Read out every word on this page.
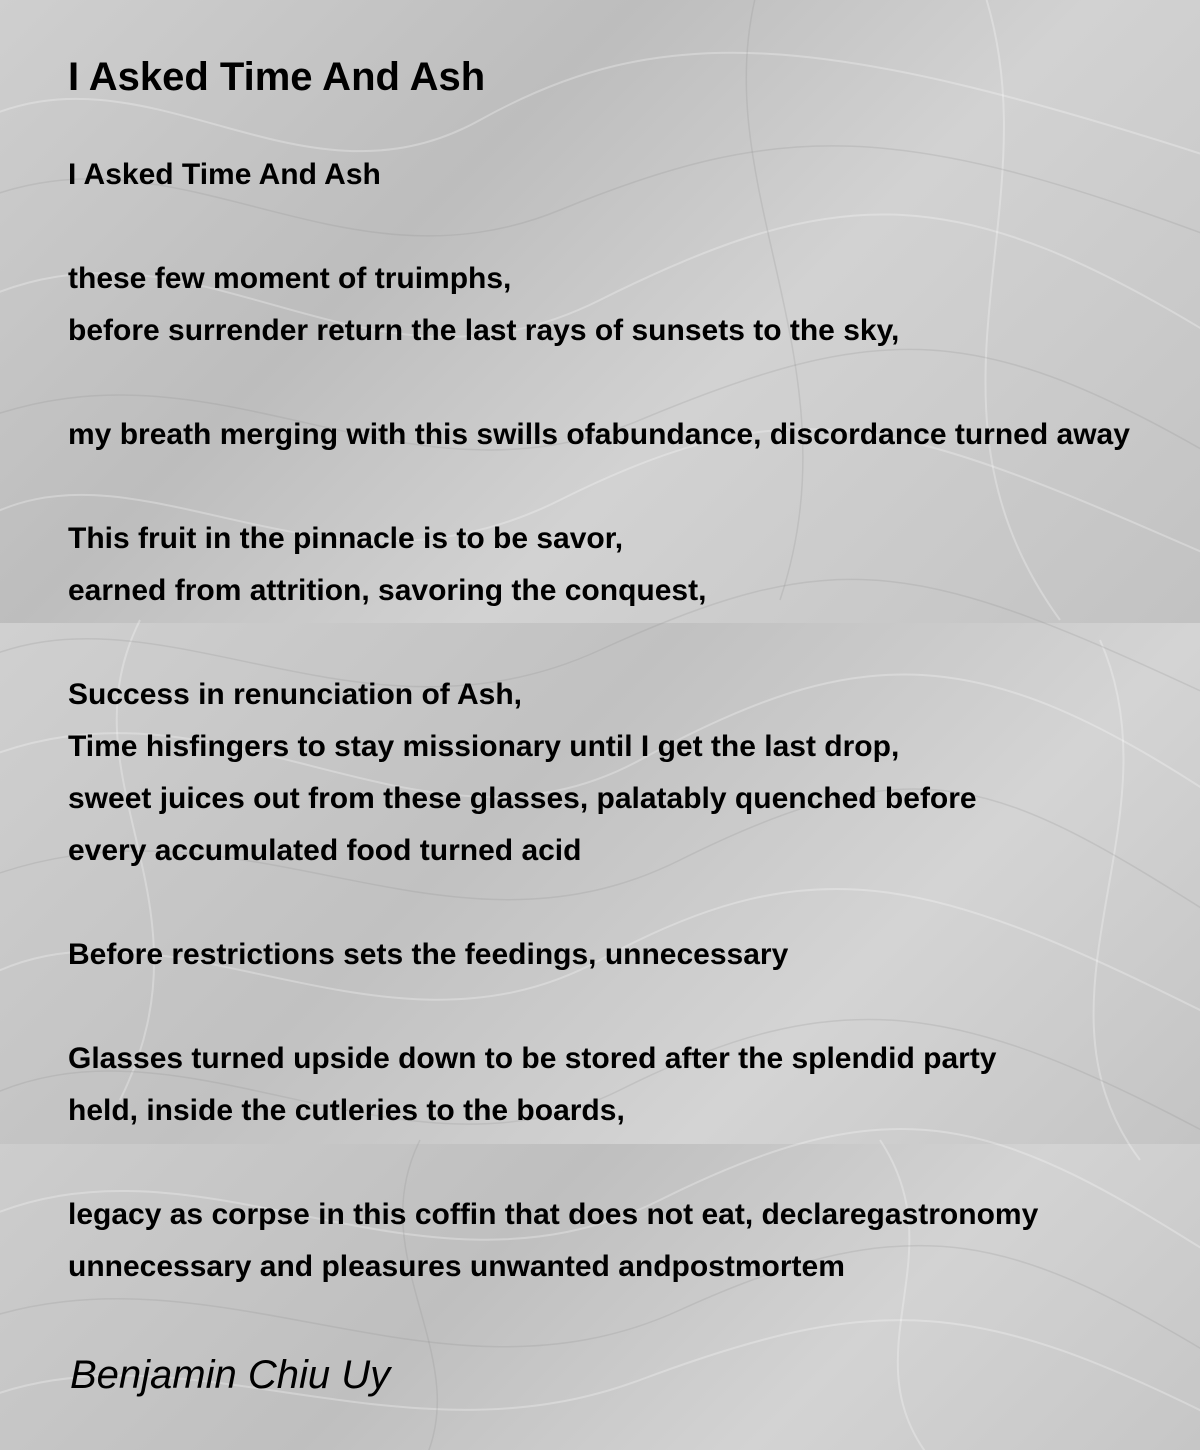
I Asked Time And Ash
I Asked Time And Ash
these few moment of truimphs,
before surrender return the last rays of sunsets to the sky,
my breath merging with this swills ofabundance, discordance turned away
This fruit in the pinnacle is to be savor,
earned from attrition, savoring the conquest,
Success in renunciation of Ash,
Time hisfingers to stay missionary until I get the last drop,
sweet juices out from these glasses, palatably quenched before
every accumulated food turned acid
Before restrictions sets the feedings, unnecessary
Glasses turned upside down to be stored after the splendid party
held, inside the cutleries to the boards,
legacy as corpse in this coffin that does not eat, declaregastronomy
unnecessary and pleasures unwanted andpostmortem
Benjamin Chiu Uy
